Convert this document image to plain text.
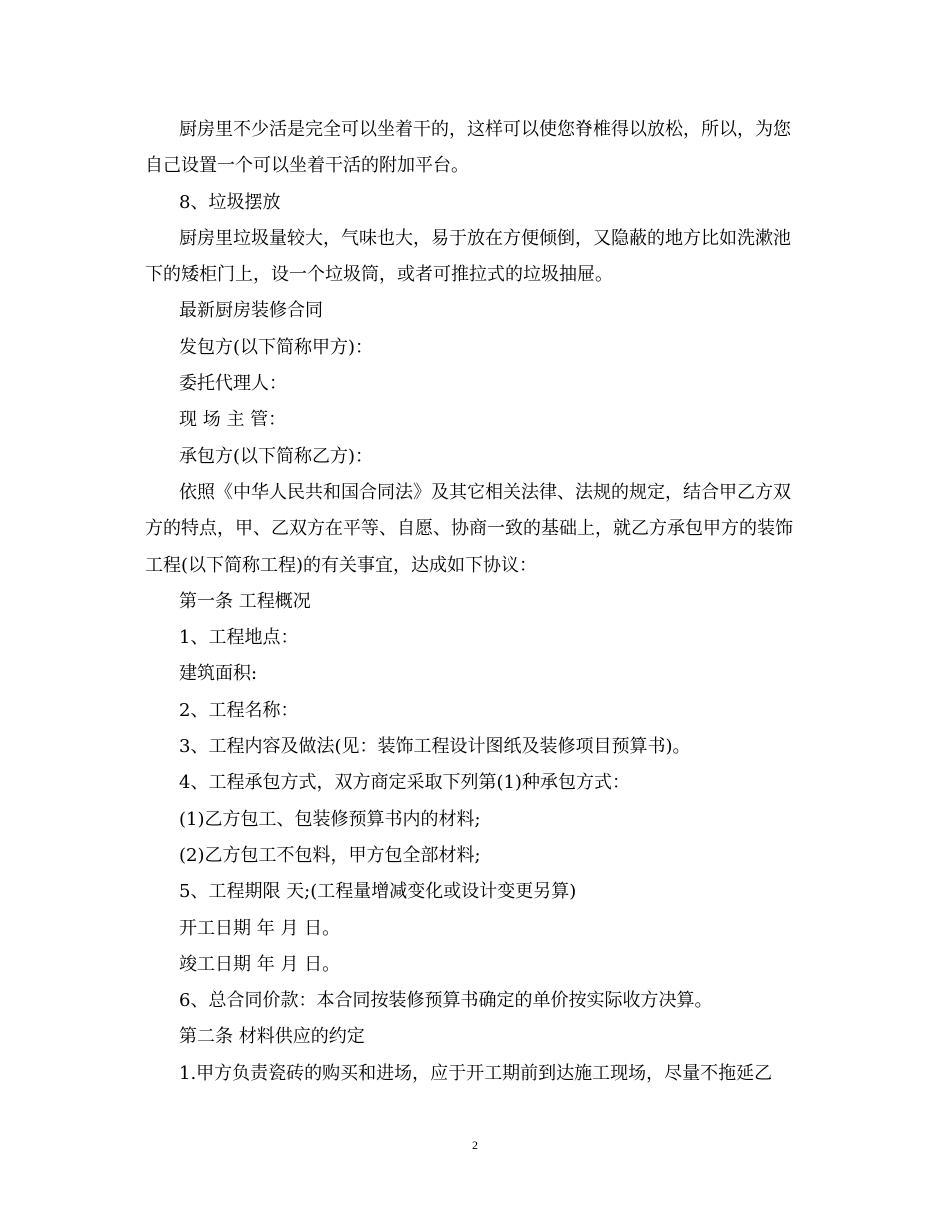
厨房里不少活是完全可以坐着干的，这样可以使您脊椎得以放松，所以，为您自己设置一个可以坐着干活的附加平台。

8、垃圾摆放

厨房里垃圾量较大，气味也大，易于放在方便倾倒，又隐蔽的地方比如洗漱池下的矮柜门上，设一个垃圾筒，或者可推拉式的垃圾抽屉。

最新厨房装修合同

发包方(以下简称甲方)：

委托代理人：

现 场 主 管：

承包方(以下简称乙方)：

依照《中华人民共和国合同法》及其它相关法律、法规的规定，结合甲乙方双方的特点，甲、乙双方在平等、自愿、协商一致的基础上，就乙方承包甲方的装饰工程(以下简称工程)的有关事宜，达成如下协议：

第一条 工程概况

1、工程地点：

建筑面积:

2、工程名称：

3、工程内容及做法(见：装饰工程设计图纸及装修项目预算书)。

4、工程承包方式，双方商定采取下列第(1)种承包方式：

(1)乙方包工、包装修预算书内的材料;

(2)乙方包工不包料，甲方包全部材料;

5、工程期限 天;(工程量增减变化或设计变更另算)

开工日期 年 月 日。

竣工日期 年 月 日。

6、总合同价款：本合同按装修预算书确定的单价按实际收方决算。

第二条 材料供应的约定

1.甲方负责瓷砖的购买和进场，应于开工期前到达施工现场，尽量不拖延乙

2
